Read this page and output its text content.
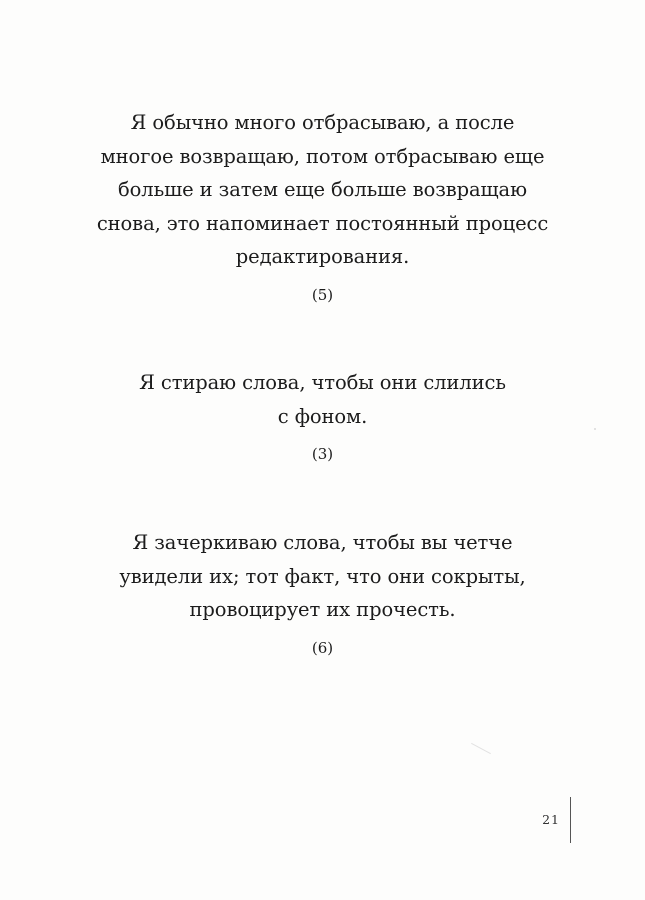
Я обычно много отбрасываю, а после
многое возвращаю, потом отбрасываю еще
больше и затем еще больше возвращаю
снова, это напоминает постоянный процесс
редактирования.
(5)
Я стираю слова, чтобы они слились
с фоном.
(3)
Я зачеркиваю слова, чтобы вы четче
увидели их; тот факт, что они сокрыты,
провоцирует их прочесть.
(6)
21
